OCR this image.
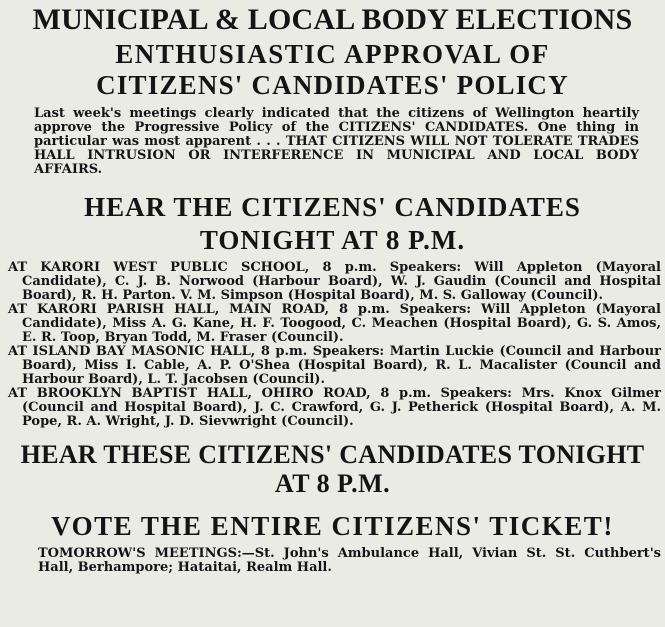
MUNICIPAL & LOCAL BODY ELECTIONS
ENTHUSIASTIC APPROVAL OF
CITIZENS' CANDIDATES' POLICY

Last week's meetings clearly indicated that the citizens of Wellington heartily approve the Progressive Policy of the CITIZENS' CANDIDATES. One thing in particular was most apparent . . . THAT CITIZENS WILL NOT TOLERATE TRADES HALL INTRUSION OR INTERFERENCE IN MUNICIPAL AND LOCAL BODY AFFAIRS.

HEAR THE CITIZENS' CANDIDATES
TONIGHT AT 8 P.M.

AT KARORI WEST PUBLIC SCHOOL, 8 p.m. Speakers: Will Appleton (Mayoral Candidate), C. J. B. Norwood (Harbour Board), W. J. Gaudin (Council and Hospital Board), R. H. Parton. V. M. Simpson (Hospital Board), M. S. Galloway (Council).

AT KARORI PARISH HALL, MAIN ROAD, 8 p.m. Speakers: Will Appleton (Mayoral Candidate), Miss A. G. Kane, H. F. Toogood, C. Meachen (Hospital Board), G. S. Amos, E. R. Toop, Bryan Todd, M. Fraser (Council).

AT ISLAND BAY MASONIC HALL, 8 p.m. Speakers: Martin Luckie (Council and Harbour Board), Miss I. Cable, A. P. O'Shea (Hospital Board), R. L. Macalister (Council and Harbour Board), L. T. Jacobsen (Council).

AT BROOKLYN BAPTIST HALL, OHIRO ROAD, 8 p.m. Speakers: Mrs. Knox Gilmer (Council and Hospital Board), J. C. Crawford, G. J. Petherick (Hospital Board), A. M. Pope, R. A. Wright, J. D. Sievwright (Council).

HEAR THESE CITIZENS' CANDIDATES TONIGHT
AT 8 P.M.
VOTE THE ENTIRE CITIZENS' TICKET!

TOMORROW'S MEETINGS:—St. John's Ambulance Hall, Vivian St. St. Cuthbert's Hall, Berhampore; Hataitai, Realm Hall.
